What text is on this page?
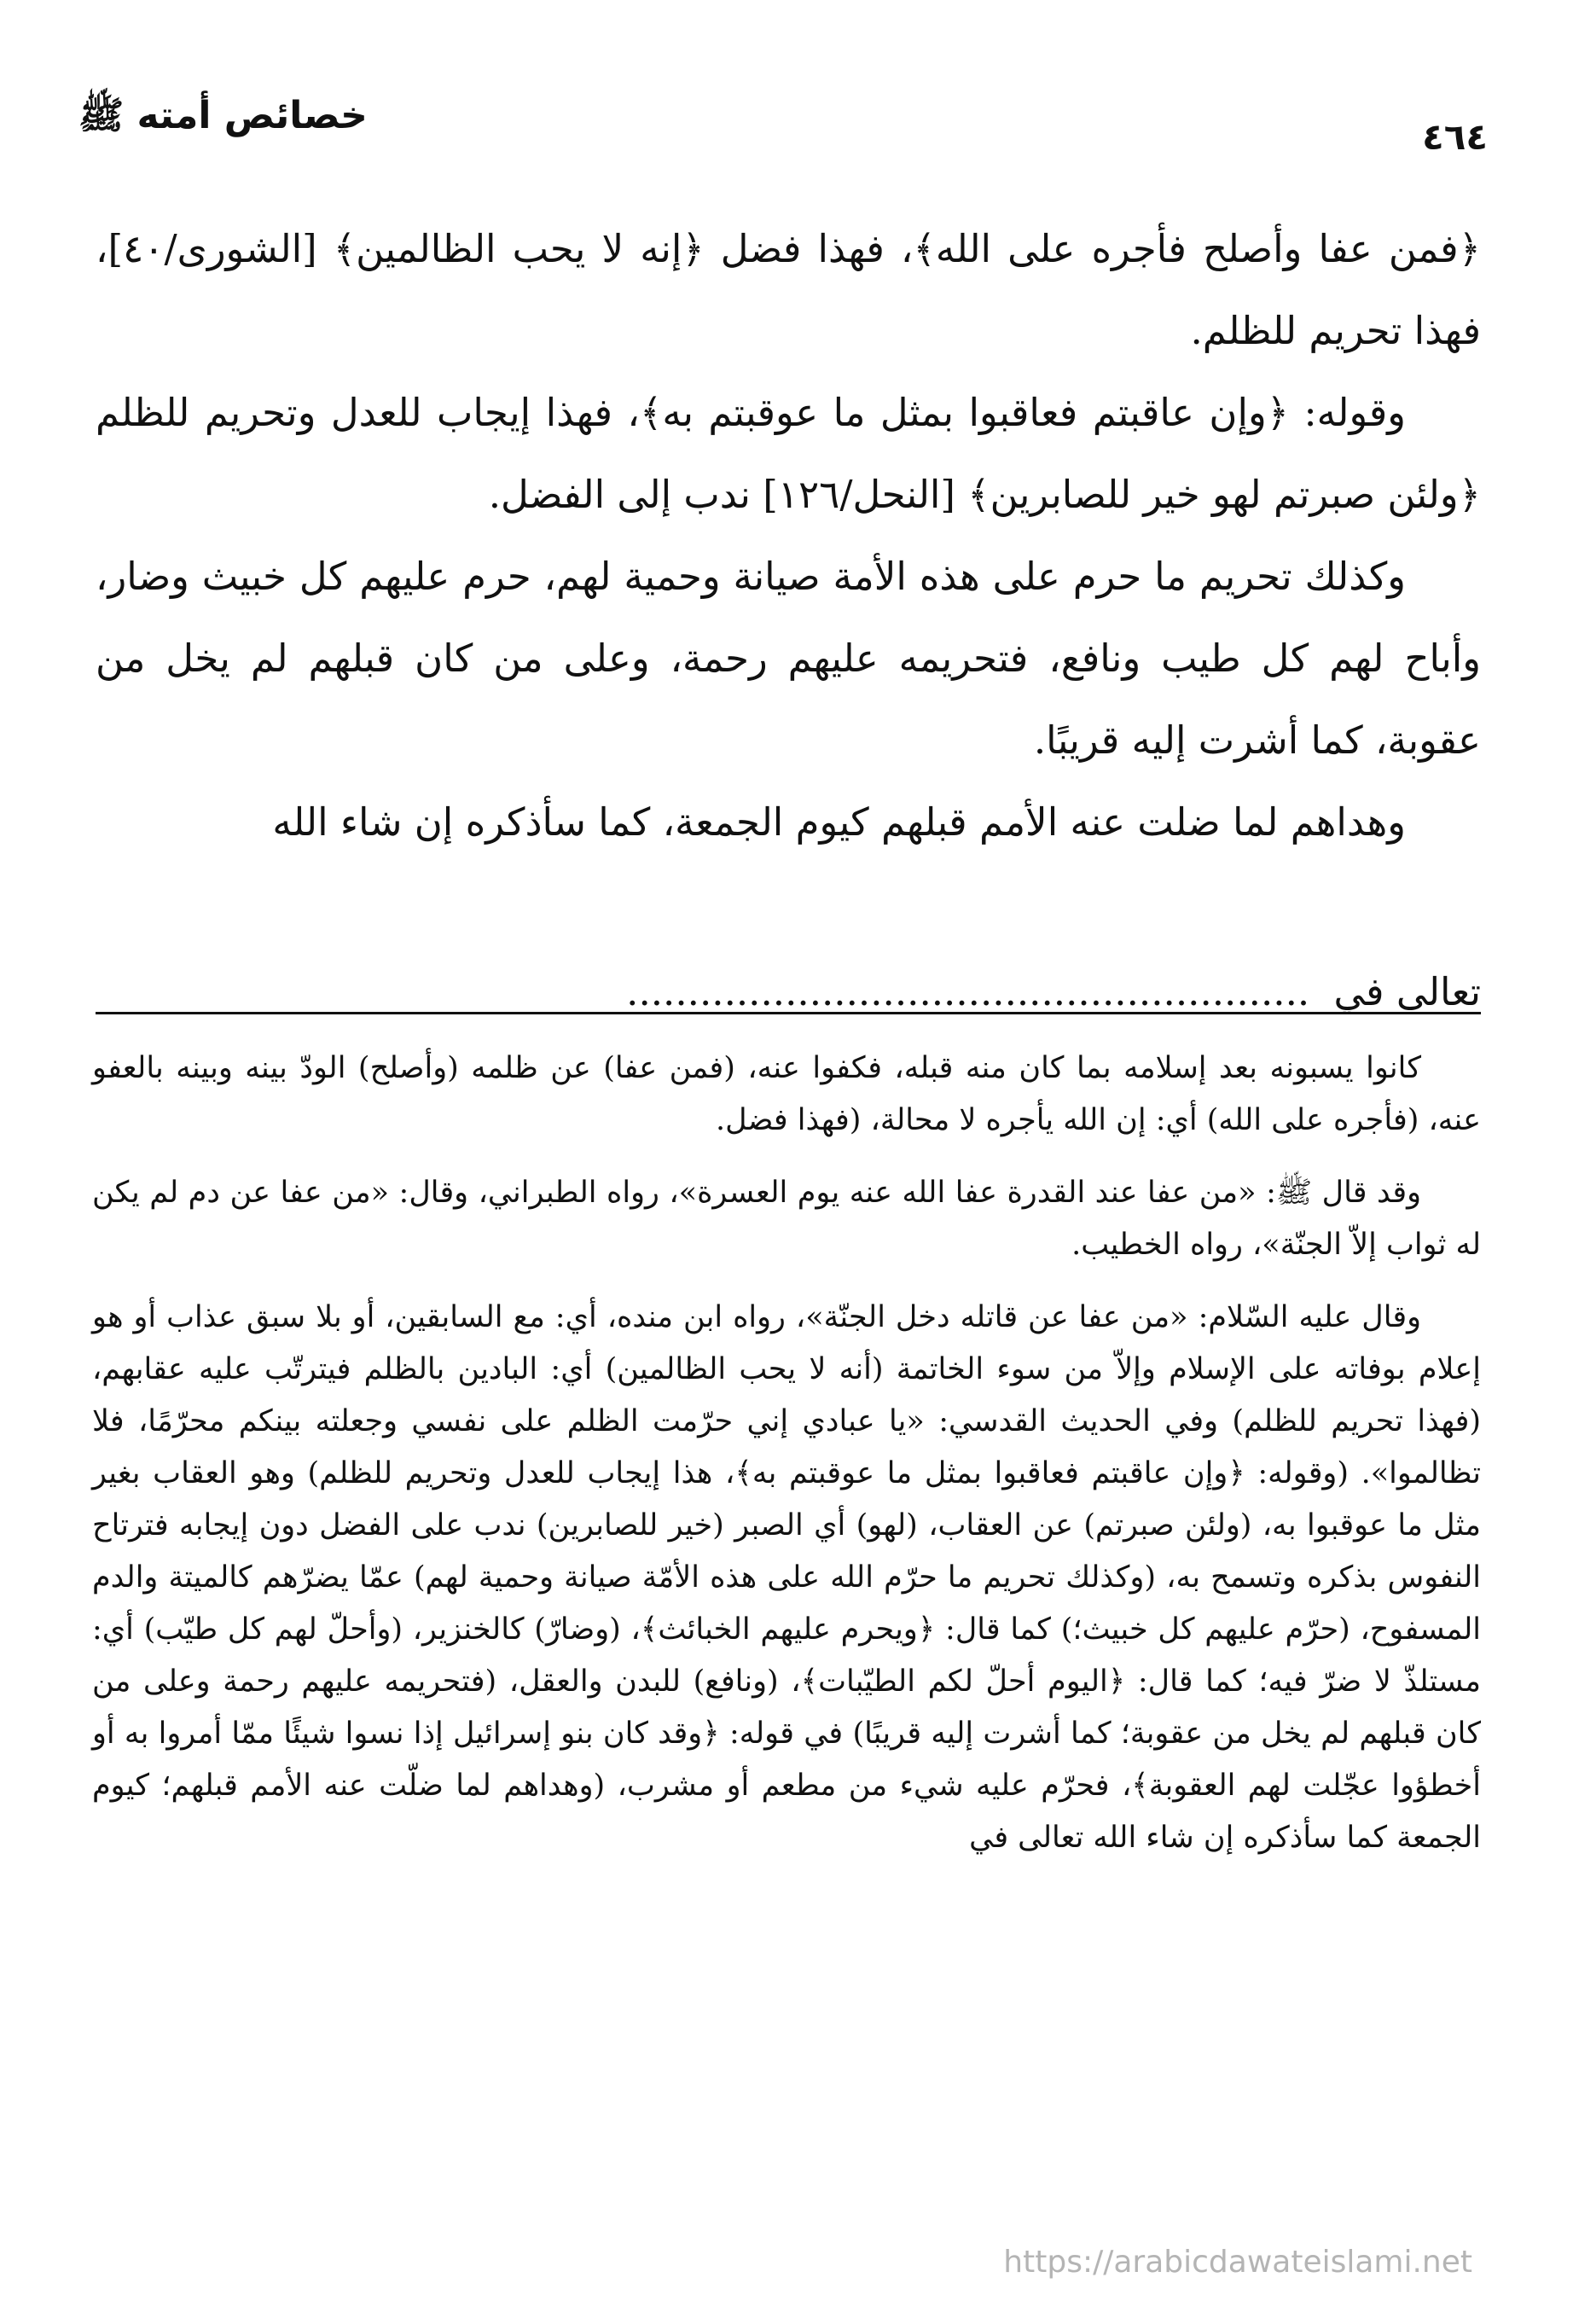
خصائص أمته ﷺ	٤٦٤

﴿فمن عفا وأصلح فأجره على الله﴾، فهذا فضل ﴿إنه لا يحب الظالمين﴾ [الشورى/٤٠]، فهذا تحريم للظلم.

وقوله: ﴿وإن عاقبتم فعاقبوا بمثل ما عوقبتم به﴾، فهذا إيجاب للعدل وتحريم للظلم ﴿ولئن صبرتم لهو خير للصابرين﴾ [النحل/١٢٦] ندب إلى الفضل.

وكذلك تحريم ما حرم على هذه الأمة صيانة وحمية لهم، حرم عليهم كل خبيث وضار، وأباح لهم كل طيب ونافع، فتحريمه عليهم رحمة، وعلى من كان قبلهم لم يخل من عقوبة، كما أشرت إليه قريبًا.

وهداهم لما ضلت عنه الأمم قبلهم كيوم الجمعة، كما سأذكره إن شاء الله

تعالى في ........................................................

كانوا يسبونه بعد إسلامه بما كان منه قبله، فكفوا عنه، (فمن عفا) عن ظلمه (وأصلح) الودّ بينه وبينه بالعفو عنه، (فأجره على الله) أي: إن الله يأجره لا محالة، (فهذا فضل.

وقد قال ﷺ: «من عفا عند القدرة عفا الله عنه يوم العسرة»، رواه الطبراني، وقال: «من عفا عن دم لم يكن له ثواب إلاّ الجنّة»، رواه الخطيب.

وقال عليه السّلام: «من عفا عن قاتله دخل الجنّة»، رواه ابن منده، أي: مع السابقين، أو بلا سبق عذاب أو هو إعلام بوفاته على الإسلام وإلاّ من سوء الخاتمة (أنه لا يحب الظالمين) أي: البادين بالظلم فيترتّب عليه عقابهم، (فهذا تحريم للظلم) وفي الحديث القدسي: «يا عبادي إني حرّمت الظلم على نفسي وجعلته بينكم محرّمًا، فلا تظالموا». (وقوله: ﴿وإن عاقبتم فعاقبوا بمثل ما عوقبتم به﴾، هذا إيجاب للعدل وتحريم للظلم) وهو العقاب بغير مثل ما عوقبوا به، (ولئن صبرتم) عن العقاب، (لهو) أي الصبر (خير للصابرين) ندب على الفضل دون إيجابه فترتاح النفوس بذكره وتسمح به، (وكذلك تحريم ما حرّم الله على هذه الأمّة صيانة وحمية لهم) عمّا يضرّهم كالميتة والدم المسفوح، (حرّم عليهم كل خبيث؛) كما قال: ﴿ويحرم عليهم الخبائث﴾، (وضارّ) كالخنزير، (وأحلّ لهم كل طيّب) أي: مستلذّ لا ضرّ فيه؛ كما قال: ﴿اليوم أحلّ لكم الطيّبات﴾، (ونافع) للبدن والعقل، (فتحريمه عليهم رحمة وعلى من كان قبلهم لم يخل من عقوبة؛ كما أشرت إليه قريبًا) في قوله: ﴿وقد كان بنو إسرائيل إذا نسوا شيئًا ممّا أمروا به أو أخطؤوا عجّلت لهم العقوبة﴾، فحرّم عليه شيء من مطعم أو مشرب، (وهداهم لما ضلّت عنه الأمم قبلهم؛ كيوم الجمعة كما سأذكره إن شاء الله تعالى في

https://arabicdawateislami.net
